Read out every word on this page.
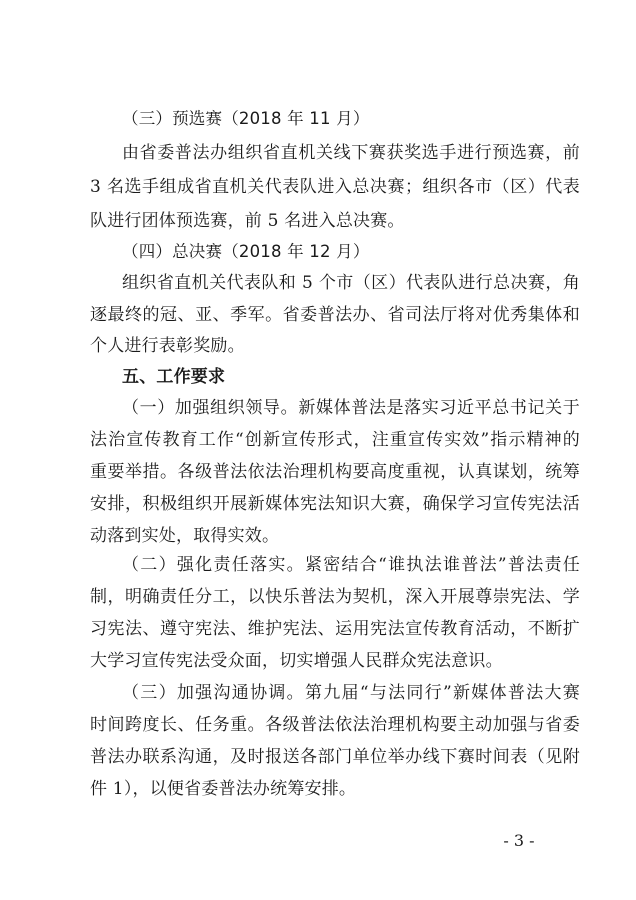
（三）预选赛（2018 年 11 月）
由省委普法办组织省直机关线下赛获奖选手进行预选赛，前
3 名选手组成省直机关代表队进入总决赛；组织各市（区）代表
队进行团体预选赛，前 5 名进入总决赛。
（四）总决赛（2018 年 12 月）
组织省直机关代表队和 5 个市（区）代表队进行总决赛，角
逐最终的冠、亚、季军。省委普法办、省司法厅将对优秀集体和
个人进行表彰奖励。
五、工作要求
（一）加强组织领导。新媒体普法是落实习近平总书记关于
法治宣传教育工作“创新宣传形式，注重宣传实效”指示精神的
重要举措。各级普法依法治理机构要高度重视，认真谋划，统筹
安排，积极组织开展新媒体宪法知识大赛，确保学习宣传宪法活
动落到实处，取得实效。
（二）强化责任落实。紧密结合“谁执法谁普法”普法责任
制，明确责任分工，以快乐普法为契机，深入开展尊崇宪法、学
习宪法、遵守宪法、维护宪法、运用宪法宣传教育活动，不断扩
大学习宣传宪法受众面，切实增强人民群众宪法意识。
（三）加强沟通协调。第九届“与法同行”新媒体普法大赛
时间跨度长、任务重。各级普法依法治理机构要主动加强与省委
普法办联系沟通，及时报送各部门单位举办线下赛时间表（见附
件 1），以便省委普法办统筹安排。
- 3 -
